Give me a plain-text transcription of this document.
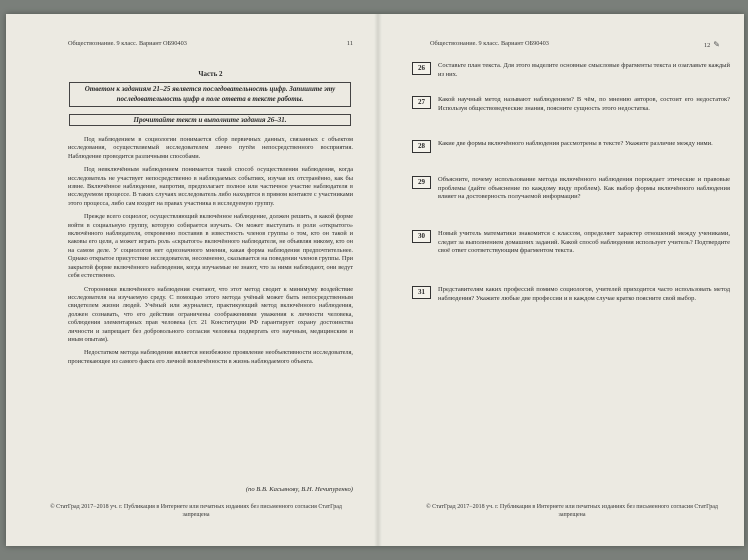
Обществознание. 9 класс. Вариант ОБ90403	11
Часть 2
Ответом к заданиям 21–25 является последовательность цифр. Запишите эту последовательность цифр в поле ответа в тексте работы.
Прочитайте текст и выполните задания 26–31.

Под наблюдением в социологии понимается сбор первичных данных, связанных с объектом исследования, осуществляемый исследователем лично путём непосредственного восприятия. Наблюдение проводится различными способами.

Под невключённым наблюдением понимается такой способ осуществления наблюдения, когда исследователь не участвует непосредственно в наблюдаемых событиях, изучая их отстранённо, как бы извне. Включённое наблюдение, напротив, предполагает полное или частичное участие наблюдателя в исследуемом процессе. В таких случаях исследователь либо находится в прямом контакте с участниками этого процесса, либо сам входит на правах участника в исследуемую группу.

Прежде всего социолог, осуществляющий включённое наблюдение, должен решить, в какой форме войти в социальную группу, которую собирается изучать. Он может выступать в роли «открытого» включённого наблюдателя, откровенно поставив в известность членов группы о том, кто он такой и каковы его цели, а может играть роль «скрытого» включённого наблюдателя, не объявляя никому, кто он на самом деле. У социологов нет однозначного мнения, какая форма наблюдения предпочтительнее. Однако открытое присутствие исследователя, несомненно, сказывается на поведении членов группы. При закрытой форме включённого наблюдения, когда изучаемые не знают, что за ними наблюдают, они ведут себя естественно.

Сторонники включённого наблюдения считают, что этот метод сводит к минимуму воздействие исследователя на изучаемую среду. С помощью этого метода учёный может быть непосредственным свидетелем жизни людей. Учёный или журналист, практикующий метод включённого наблюдения, должен сознавать, что его действия ограничены соображениями уважения к личности человека, соблюдения элементарных прав человека (ст. 21 Конституции РФ гарантирует охрану достоинства личности и запрещает без добровольного согласия человека подвергать его научным, медицинским и иным опытам).

Недостатком метода наблюдения является неизбежное проявление необъективности исследователя, проистекающее из самого факта его личной вовлечённости в жизнь наблюдаемого объекта.

(по В.В. Касьянову, В.Н. Нечипуренко)
© СтатГрад 2017−2018 уч. г. Публикация в Интернете или печатных изданиях без письменного согласия СтатГрад запрещена
Обществознание. 9 класс. Вариант ОБ90403	12 ✎
26	Составьте план текста. Для этого выделите основные смысловые фрагменты текста и озаглавьте каждый из них.
27	Какой научный метод называют наблюдением? В чём, по мнению авторов, состоит его недостаток? Используя обществоведческие знания, поясните сущность этого недостатка.
28	Какие две формы включённого наблюдения рассмотрены в тексте? Укажите различие между ними.
29	Объясните, почему использование метода включённого наблюдения порождает этические и правовые проблемы (дайте объяснение по каждому виду проблем). Как выбор формы включённого наблюдения влияет на достоверность получаемой информации?
30	Новый учитель математики знакомится с классом, определяет характер отношений между учениками, следит за выполнением домашних заданий. Какой способ наблюдения использует учитель? Подтвердите своё ответ соответствующим фрагментом текста.
31	Представителям каких профессий помимо социологов, учителей приходится часто использовать метод наблюдения? Укажите любые две профессии и в каждом случае кратко поясните свой выбор.
© СтатГрад 2017−2018 уч. г. Публикация в Интернете или печатных изданиях без письменного согласия СтатГрад запрещена
